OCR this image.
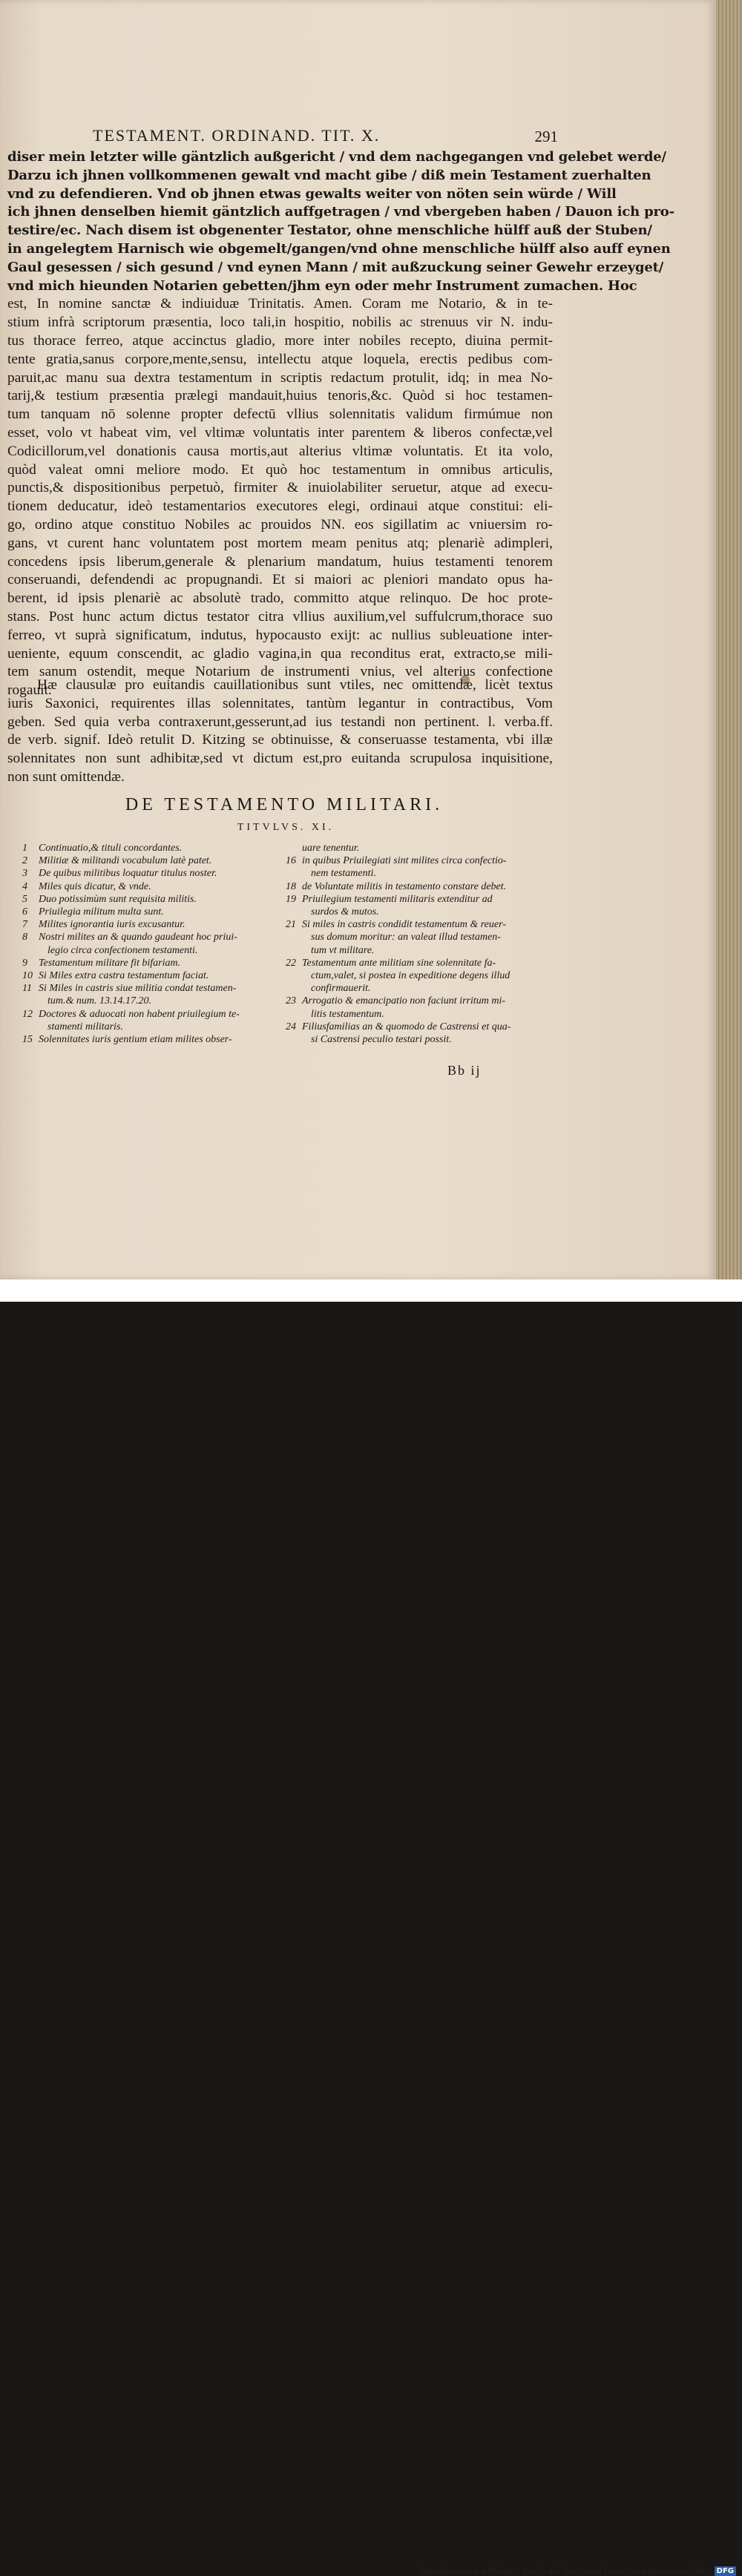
TESTAMENT. ORDINAND. TIT. X.	291
diser mein letzter wille gäntzlich außgericht / vnd dem nachgegangen vnd gelebet werde/
Darzu ich jhnen vollkommenen gewalt vnd macht gibe / diß mein Testament zuerhalten
vnd zu defendieren. Vnd ob jhnen etwas gewalts weiter von nöten sein würde / Will
ich jhnen denselben hiemit gäntzlich auffgetragen / vnd vbergeben haben / Dauon ich pro-
testire/ec. Nach disem ist obgenenter Testator, ohne menschliche hülff auß der Stuben/
in angelegtem Harnisch wie obgemelt/gangen/vnd ohne menschliche hülff also auff eynen
Gaul gesessen / sich gesund / vnd eynen Mann / mit außzuckung seiner Gewehr erzeyget/
vnd mich hieunden Notarien gebetten/jhm eyn oder mehr Instrument zumachen. Hoc
est, In nomine sanctæ & indiuiduæ Trinitatis. Amen. Coram me Notario, & in te-
stium infrà scriptorum præsentia, loco tali,in hospitio, nobilis ac strenuus vir N. indu-
tus thorace ferreo, atque accinctus gladio, more inter nobiles recepto, diuina permit-
tente gratia,sanus corpore,mente,sensu, intellectu atque loquela, erectis pedibus com-
paruit,ac manu sua dextra testamentum in scriptis redactum protulit, idq; in mea No-
tarij,& testium præsentia prælegi mandauit,huius tenoris,&c. Quòd si hoc testamen-
tum tanquam nō solenne propter defectū vllius solennitatis validum firmúmue non
esset, volo vt habeat vim, vel vltimæ voluntatis inter parentem & liberos confectæ,vel
Codicillorum,vel donationis causa mortis,aut alterius vltimæ voluntatis. Et ita volo,
quòd valeat omni meliore modo. Et quò hoc testamentum in omnibus articulis,
punctis,& dispositionibus perpetuò, firmiter & inuiolabiliter seruetur, atque ad execu-
tionem deducatur, ideò testamentarios executores elegi, ordinaui atque constitui: eli-
go, ordino atque constituo Nobiles ac prouidos NN. eos sigillatim ac vniuersim ro-
gans, vt curent hanc voluntatem post mortem meam penitus atq; plenariè adimpleri,
concedens ipsis liberum,generale & plenarium mandatum, huius testamenti tenorem
conseruandi, defendendi ac propugnandi. Et si maiori ac pleniori mandato opus ha-
berent, id ipsis plenariè ac absolutè trado, committo atque relinquo. De hoc prote-
stans. Post hunc actum dictus testator citra vllius auxilium,vel suffulcrum,thorace suo
ferreo, vt suprà significatum, indutus, hypocausto exijt: ac nullius subleuatione inter-
ueniente, equum conscendit, ac gladio vagina,in qua reconditus erat, extracto,se mili-
tem sanum ostendit, meque Notarium de instrumenti vnius, vel alterius confectione
rogauit.
Hæ clausulæ pro euitandis cauillationibus sunt vtiles, nec omittendæ, licèt textus
iuris Saxonici, requirentes illas solennitates, tantùm legantur in contractibus, Vom
geben. Sed quia verba contraxerunt,gesserunt,ad ius testandi non pertinent. l. verba.ff.
de verb. signif. Ideò retulit D. Kitzing se obtinuisse, & conseruasse testamenta, vbi illæ
solennitates non sunt adhibitæ,sed vt dictum est,pro euitanda scrupulosa inquisitione,
non sunt omittendæ.
DE TESTAMENTO MILITARI.
TITVLVS. XI.
1	Continuatio,& tituli concordantes.
2	Militiæ & militandi vocabulum latè patet.
3	De quibus militibus loquatur titulus noster.
4	Miles quis dicatur, & vnde.
5	Duo potissimùm sunt requisita militis.
6	Priuilegia militum multa sunt.
7	Milites ignorantia iuris excusantur.
8	Nostri milites an & quando gaudeant hoc priui-
legio circa confectionem testamenti.
9	Testamentum militare fit bifariam.
10 Si Miles extra castra testamentum faciat.
11 Si Miles in castris siue militia condat testamen-
tum.& num. 13.14.17.20.
12 Doctores & aduocati non habent priuilegium te-
stamenti militaris.
15 Solennitates iuris gentium etiam milites obser-
uare tenentur.
16 in quibus Priuilegiati sint milites circa confectio-
nem testamenti.
18 de Voluntate militis in testamento constare debet.
19 Priuilegium testamenti militaris extenditur ad
surdos & mutos.
21 Si miles in castris condidit testamentum & reuer-
sus domum moritur: an valeat illud testamen-
tum vt militare.
22 Testamentum ante militiam sine solennitate fa-
ctum,valet, si postea in expeditione degens illud
confirmauerit.
23 Arrogatio & emancipatio non faciunt irritum mi-
litis testamentum.
24 Filiusfamilias an & quomodo de Castrensi et qua-
si Castrensi peculio testari possit.
Bb ij
Digitalisierung gefördert durch die Deutsche Forschungsgemeinschaft - DFG
